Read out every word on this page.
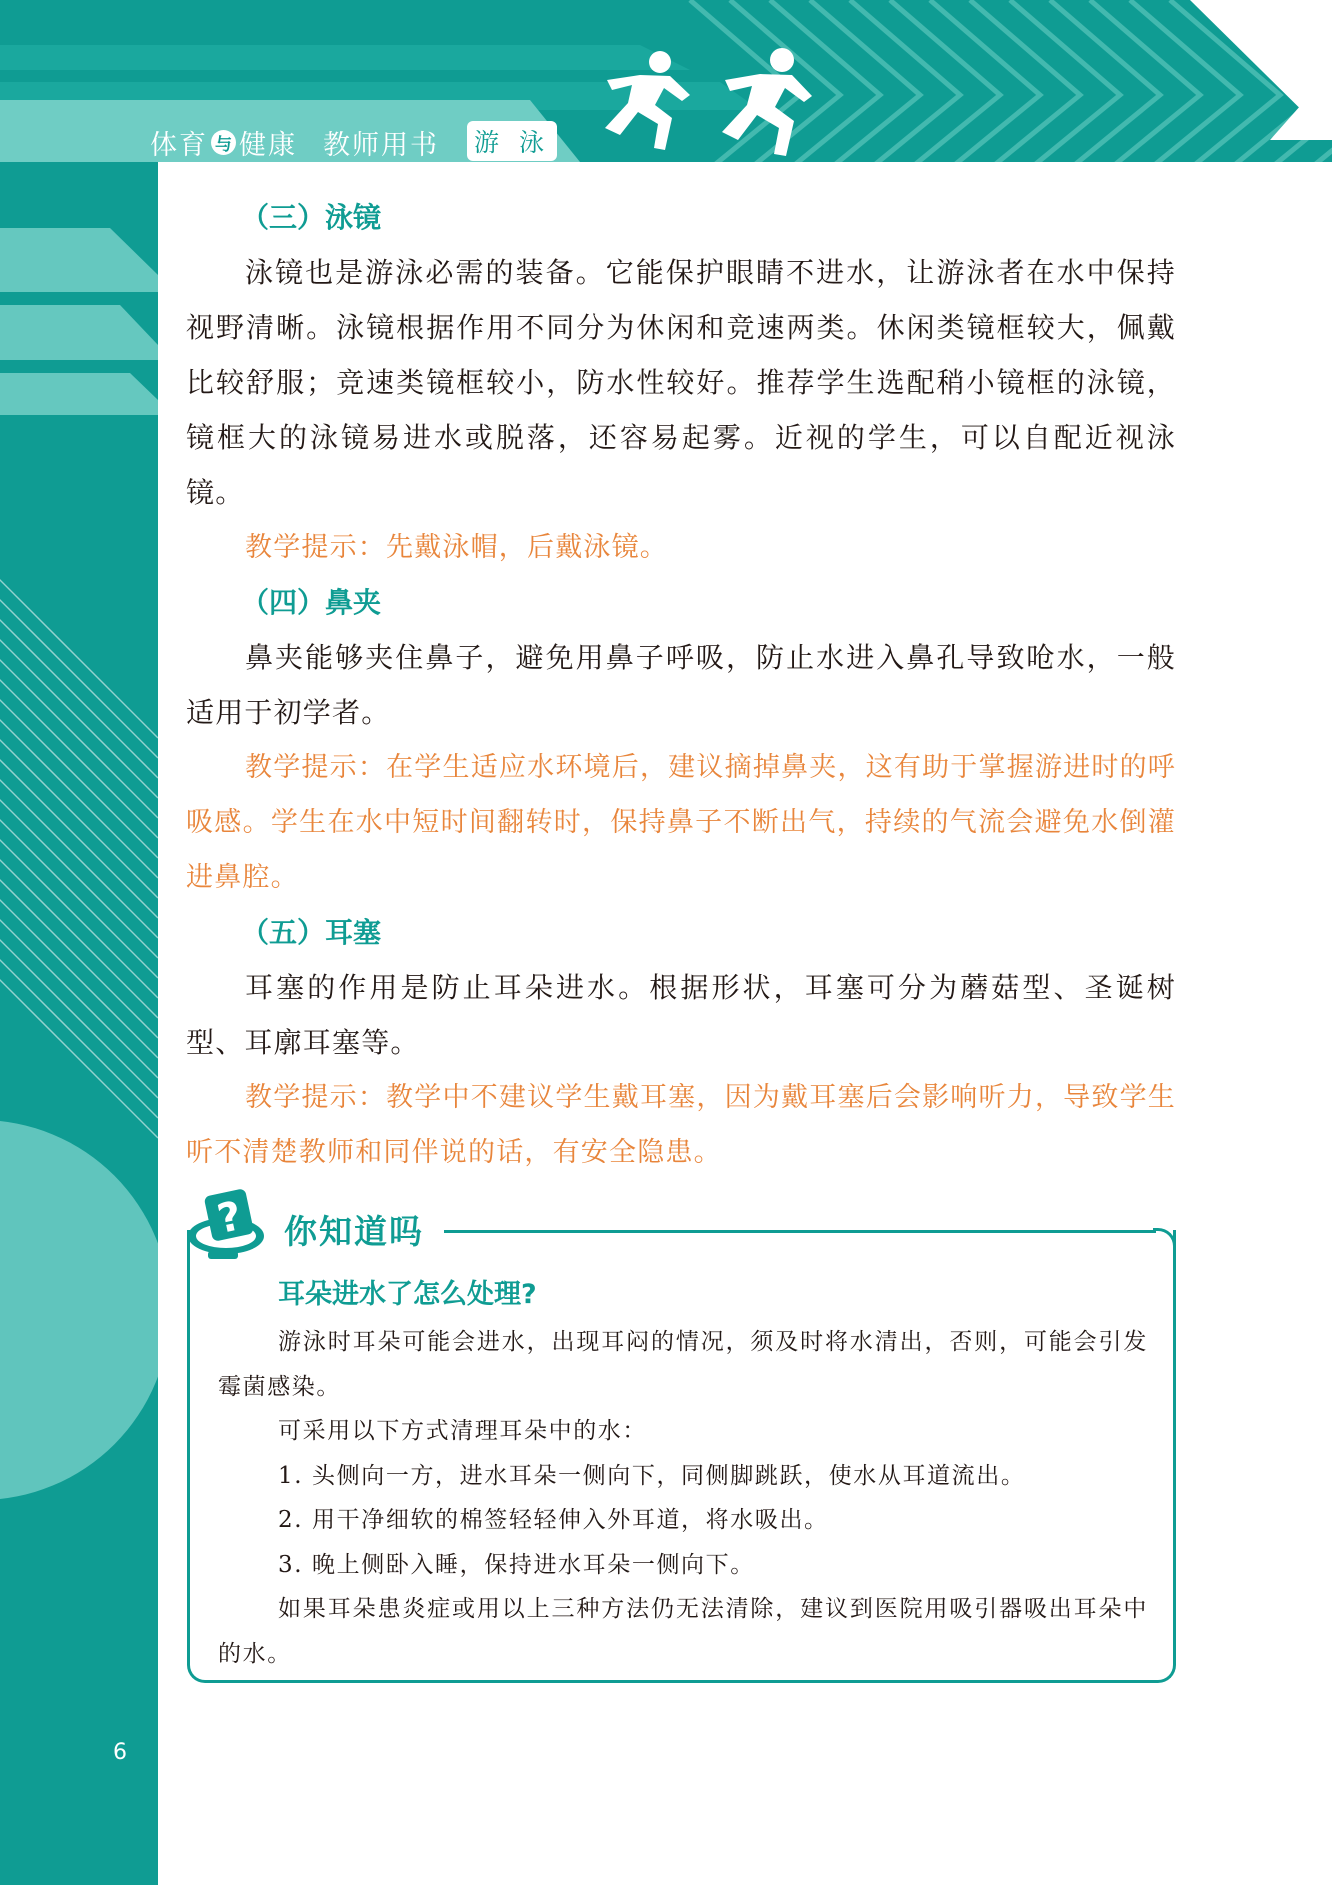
体育 与 健康 教师用书 游 泳
（三）泳镜
泳镜也是游泳必需的装备。它能保护眼睛不进水，让游泳者在水中保持视野清晰。泳镜根据作用不同分为休闲和竞速两类。休闲类镜框较大，佩戴比较舒服；竞速类镜框较小，防水性较好。推荐学生选配稍小镜框的泳镜，镜框大的泳镜易进水或脱落，还容易起雾。近视的学生，可以自配近视泳镜。
教学提示：先戴泳帽，后戴泳镜。
（四）鼻夹
鼻夹能够夹住鼻子，避免用鼻子呼吸，防止水进入鼻孔导致呛水，一般适用于初学者。
教学提示：在学生适应水环境后，建议摘掉鼻夹，这有助于掌握游进时的呼吸感。学生在水中短时间翻转时，保持鼻子不断出气，持续的气流会避免水倒灌进鼻腔。
（五）耳塞
耳塞的作用是防止耳朵进水。根据形状，耳塞可分为蘑菇型、圣诞树型、耳廓耳塞等。
教学提示：教学中不建议学生戴耳塞，因为戴耳塞后会影响听力，导致学生听不清楚教师和同伴说的话，有安全隐患。
? 你知道吗
耳朵进水了怎么处理?
游泳时耳朵可能会进水，出现耳闷的情况，须及时将水清出，否则，可能会引发霉菌感染。
可采用以下方式清理耳朵中的水：
1. 头侧向一方，进水耳朵一侧向下，同侧脚跳跃，使水从耳道流出。
2. 用干净细软的棉签轻轻伸入外耳道，将水吸出。
3. 晚上侧卧入睡，保持进水耳朵一侧向下。
如果耳朵患炎症或用以上三种方法仍无法清除，建议到医院用吸引器吸出耳朵中的水。
6
